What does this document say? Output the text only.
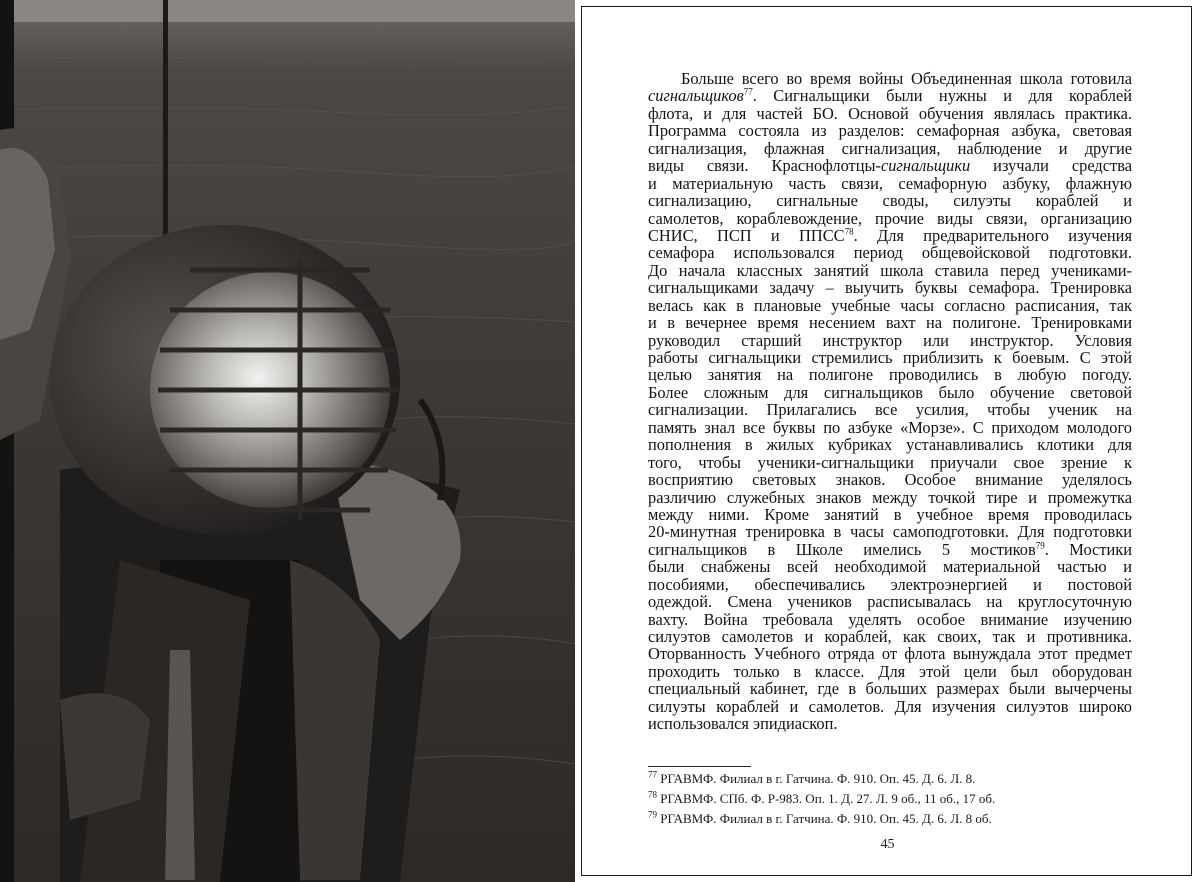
Больше всего во время войны Объединенная школа готовила
сигнальщиков$^{77}$. Сигнальщики были нужны и для кораблей
флота, и для частей БО. Основой обучения являлась практика.
Программа состояла из разделов: семафорная азбука, световая
сигнализация, флажная сигнализация, наблюдение и другие
виды связи. Краснофлотцы-сигнальщики изучали средства
и материальную часть связи, семафорную азбуку, флажную
сигнализацию, сигнальные своды, силуэты кораблей и
самолетов, кораблевождение, прочие виды связи, организацию
СНИС, ПСП и ППСС$^{78}$. Для предварительного изучения
семафора использовался период общевойсковой подготовки.
До начала классных занятий школа ставила перед учениками-
сигнальщиками задачу – выучить буквы семафора. Тренировка
велась как в плановые учебные часы согласно расписания, так
и в вечернее время несением вахт на полигоне. Тренировками
руководил старший инструктор или инструктор. Условия
работы сигнальщики стремились приблизить к боевым. С этой
целью занятия на полигоне проводились в любую погоду.
Более сложным для сигнальщиков было обучение световой
сигнализации. Прилагались все усилия, чтобы ученик на
память знал все буквы по азбуке «Морзе». С приходом молодого
пополнения в жилых кубриках устанавливались клотики для
того, чтобы ученики-сигнальщики приучали свое зрение к
восприятию световых знаков. Особое внимание уделялось
различию служебных знаков между точкой тире и промежутка
между ними. Кроме занятий в учебное время проводилась
20-минутная тренировка в часы самоподготовки. Для подготовки
сигнальщиков в Школе имелись 5 мостиков$^{79}$. Мостики
были снабжены всей необходимой материальной частью и
пособиями, обеспечивались электроэнергией и постовой
одеждой. Смена учеников расписывалась на круглосуточную
вахту. Война требовала уделять особое внимание изучению
силуэтов самолетов и кораблей, как своих, так и противника.
Оторванность Учебного отряда от флота вынуждала этот предмет
проходить только в классе. Для этой цели был оборудован
специальный кабинет, где в больших размерах были вычерчены
силуэты кораблей и самолетов. Для изучения силуэтов широко
использовался эпидиаскоп.
$^{77}$ РГАВМФ. Филиал в г. Гатчина. Ф. 910. Оп. 45. Д. 6. Л. 8.
$^{78}$ РГАВМФ. СПб. Ф. Р-983. Оп. 1. Д. 27. Л. 9 об., 11 об., 17 об.
$^{79}$ РГАВМФ. Филиал в г. Гатчина. Ф. 910. Оп. 45. Д. 6. Л. 8 об.
45
